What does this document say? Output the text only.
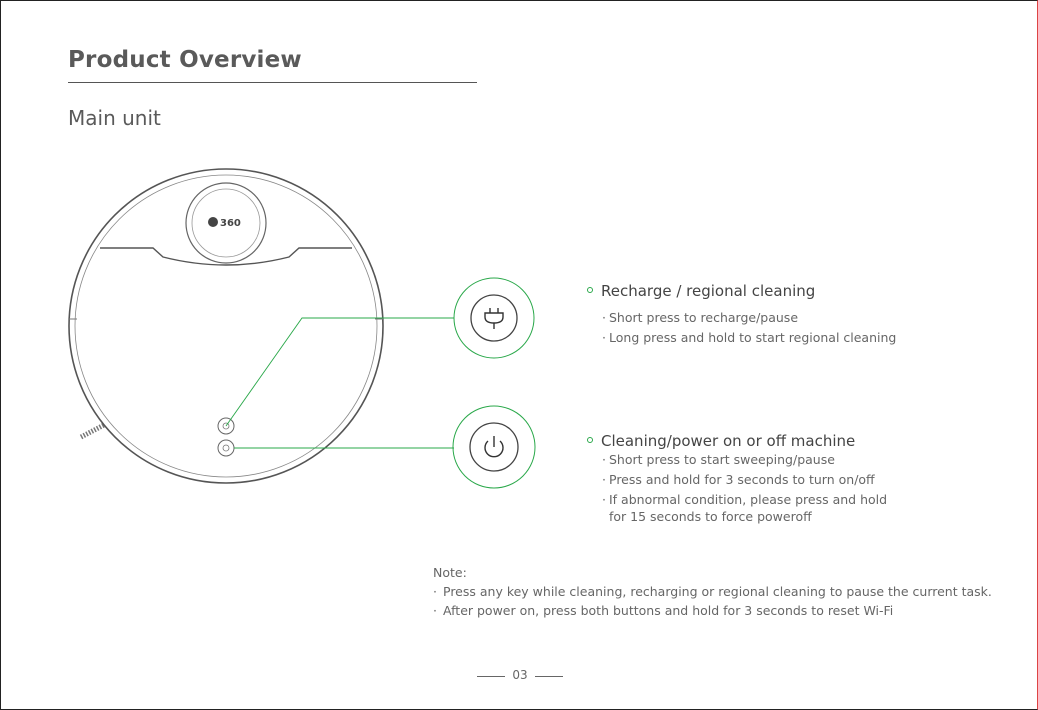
Product Overview
Main unit
360
Recharge / regional cleaning
· Short press to recharge/pause
· Long press and hold to start regional cleaning
Cleaning/power on or off machine
· Short press to start sweeping/pause
· Press and hold for 3 seconds to turn on/off
· If abnormal condition, please press and hold
for 15 seconds to force poweroff
Note:
· Press any key while cleaning, recharging or regional cleaning to pause the current task.
· After power on, press both buttons and hold for 3 seconds to reset Wi-Fi
03
